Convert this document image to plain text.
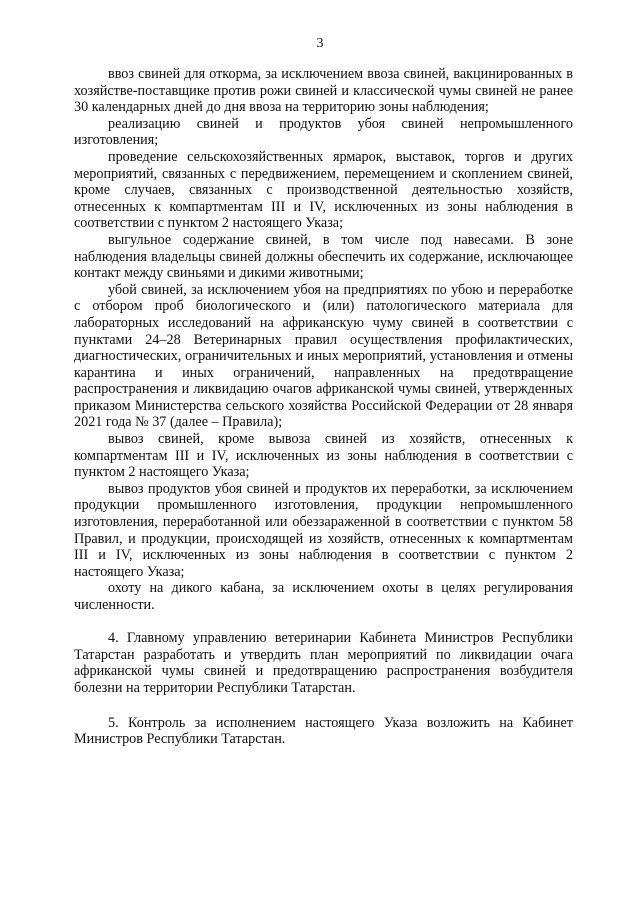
3

ввоз свиней для откорма, за исключением ввоза свиней, вакцинированных в хозяйстве-поставщике против рожи свиней и классической чумы свиней не ранее 30 календарных дней до дня ввоза на территорию зоны наблюдения;

реализацию свиней и продуктов убоя свиней непромышленного изготовления;

проведение сельскохозяйственных ярмарок, выставок, торгов и других мероприятий, связанных с передвижением, перемещением и скоплением свиней, кроме случаев, связанных с производственной деятельностью хозяйств, отнесенных к компартментам III и IV, исключенных из зоны наблюдения в соответствии с пунктом 2 настоящего Указа;

выгульное содержание свиней, в том числе под навесами. В зоне наблюдения владельцы свиней должны обеспечить их содержание, исключающее контакт между свиньями и дикими животными;

убой свиней, за исключением убоя на предприятиях по убою и переработке с отбором проб биологического и (или) патологического материала для лабораторных исследований на африканскую чуму свиней в соответствии с пунктами 24–28 Ветеринарных правил осуществления профилактических, диагностических, ограничительных и иных мероприятий, установления и отмены карантина и иных ограничений, направленных на предотвращение распространения и ликвидацию очагов африканской чумы свиней, утвержденных приказом Министерства сельского хозяйства Российской Федерации от 28 января 2021 года № 37 (далее – Правила);

вывоз свиней, кроме вывоза свиней из хозяйств, отнесенных к компартментам III и IV, исключенных из зоны наблюдения в соответствии с пунктом 2 настоящего Указа;

вывоз продуктов убоя свиней и продуктов их переработки, за исключением продукции промышленного изготовления, продукции непромышленного изготовления, переработанной или обеззараженной в соответствии с пунктом 58 Правил, и продукции, происходящей из хозяйств, отнесенных к компартментам III и IV, исключенных из зоны наблюдения в соответствии с пунктом 2 настоящего Указа;

охоту на дикого кабана, за исключением охоты в целях регулирования численности.

4. Главному управлению ветеринарии Кабинета Министров Республики Татарстан разработать и утвердить план мероприятий по ликвидации очага африканской чумы свиней и предотвращению распространения возбудителя болезни на территории Республики Татарстан.

5. Контроль за исполнением настоящего Указа возложить на Кабинет Министров Республики Татарстан.
